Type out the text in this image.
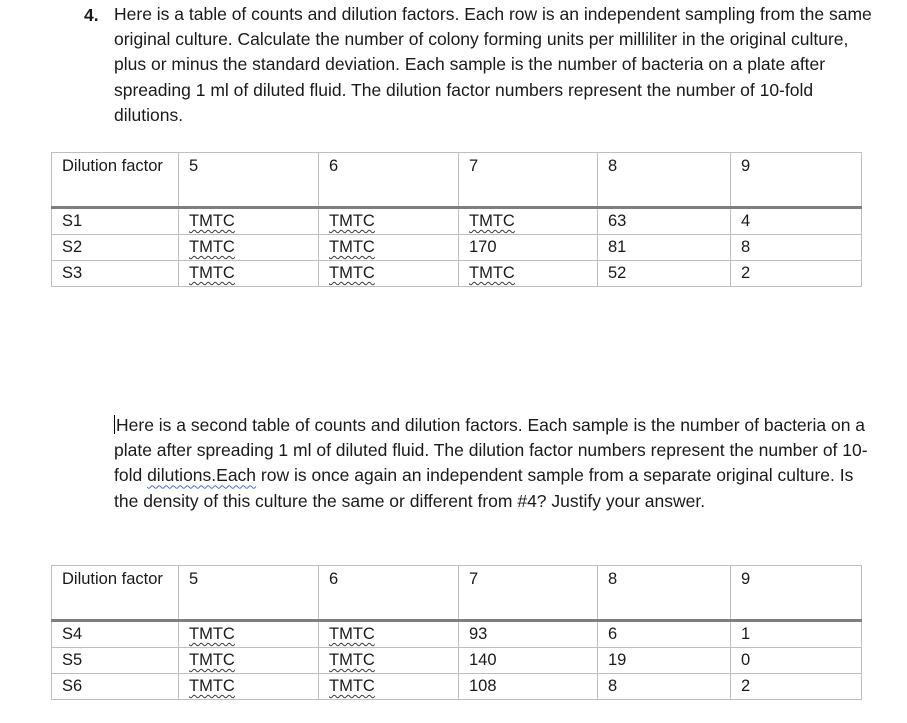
4. Here is a table of counts and dilution factors. Each row is an independent sampling from the same original culture. Calculate the number of colony forming units per milliliter in the original culture, plus or minus the standard deviation. Each sample is the number of bacteria on a plate after spreading 1 ml of diluted fluid. The dilution factor numbers represent the number of 10-fold dilutions.

Dilution factor	5	6	7	8	9
S1	TMTC	TMTC	TMTC	63	4
S2	TMTC	TMTC	170	81	8
S3	TMTC	TMTC	TMTC	52	2

Here is a second table of counts and dilution factors. Each sample is the number of bacteria on a plate after spreading 1 ml of diluted fluid. The dilution factor numbers represent the number of 10-fold dilutions.Each row is once again an independent sample from a separate original culture. Is the density of this culture the same or different from #4? Justify your answer.

Dilution factor	5	6	7	8	9
S4	TMTC	TMTC	93	6	1
S5	TMTC	TMTC	140	19	0
S6	TMTC	TMTC	108	8	2
